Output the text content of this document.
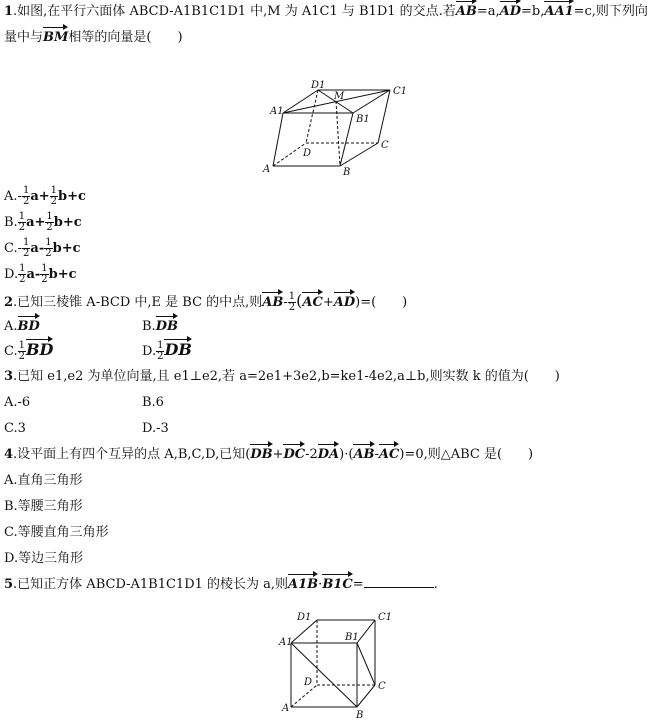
1.如图,在平行六面体 ABCD-A1B1C1D1 中,M 为 A1C1 与 B1D1 的交点.若AB=a,AD=b,AA1=c,则下列向
量中与BM相等的向量是(　　)
D1
M	C1
A1
B1
D
C
A	B
D1	C1
A1	B1
D	C
A
B
$A.- \frac{1}{2} a+ \frac{1}{2} b+c$
B. $\frac{1}{2} a+ \frac{1}{2} b+c$
$C.- \frac{1}{2} a- \frac{1}{2} b+c$
D. $\frac{1}{2} a- \frac{1}{2} b+c$
2.已知三棱锥 A-BCD 中,E 是 BC 的中点,则$AB- \frac{1}{2} (AC+AD)=$(　　)
A.BD	B.DB
C. $\frac{1}{2}$ BD	D. $\frac{1}{2}$ DB
3.已知 e1,e2 为单位向量,且 e1⊥e2,若 a=2e1+3e2,b=ke1-4e2,a⊥b,则实数 k 的值为(　　)
A.-6	B.6
C.3	D.-3
4.设平面上有四个互异的点 A,B,C,D,已知(DB+DC-2DA)·(AB-AC)=0,则△ABC 是(　　)
A.直角三角形
B.等腰三角形
C.等腰直角三角形
D.等边三角形
5.已知正方体 ABCD-A1B1C1D1 的棱长为 a,则A1B·B1C=	.
